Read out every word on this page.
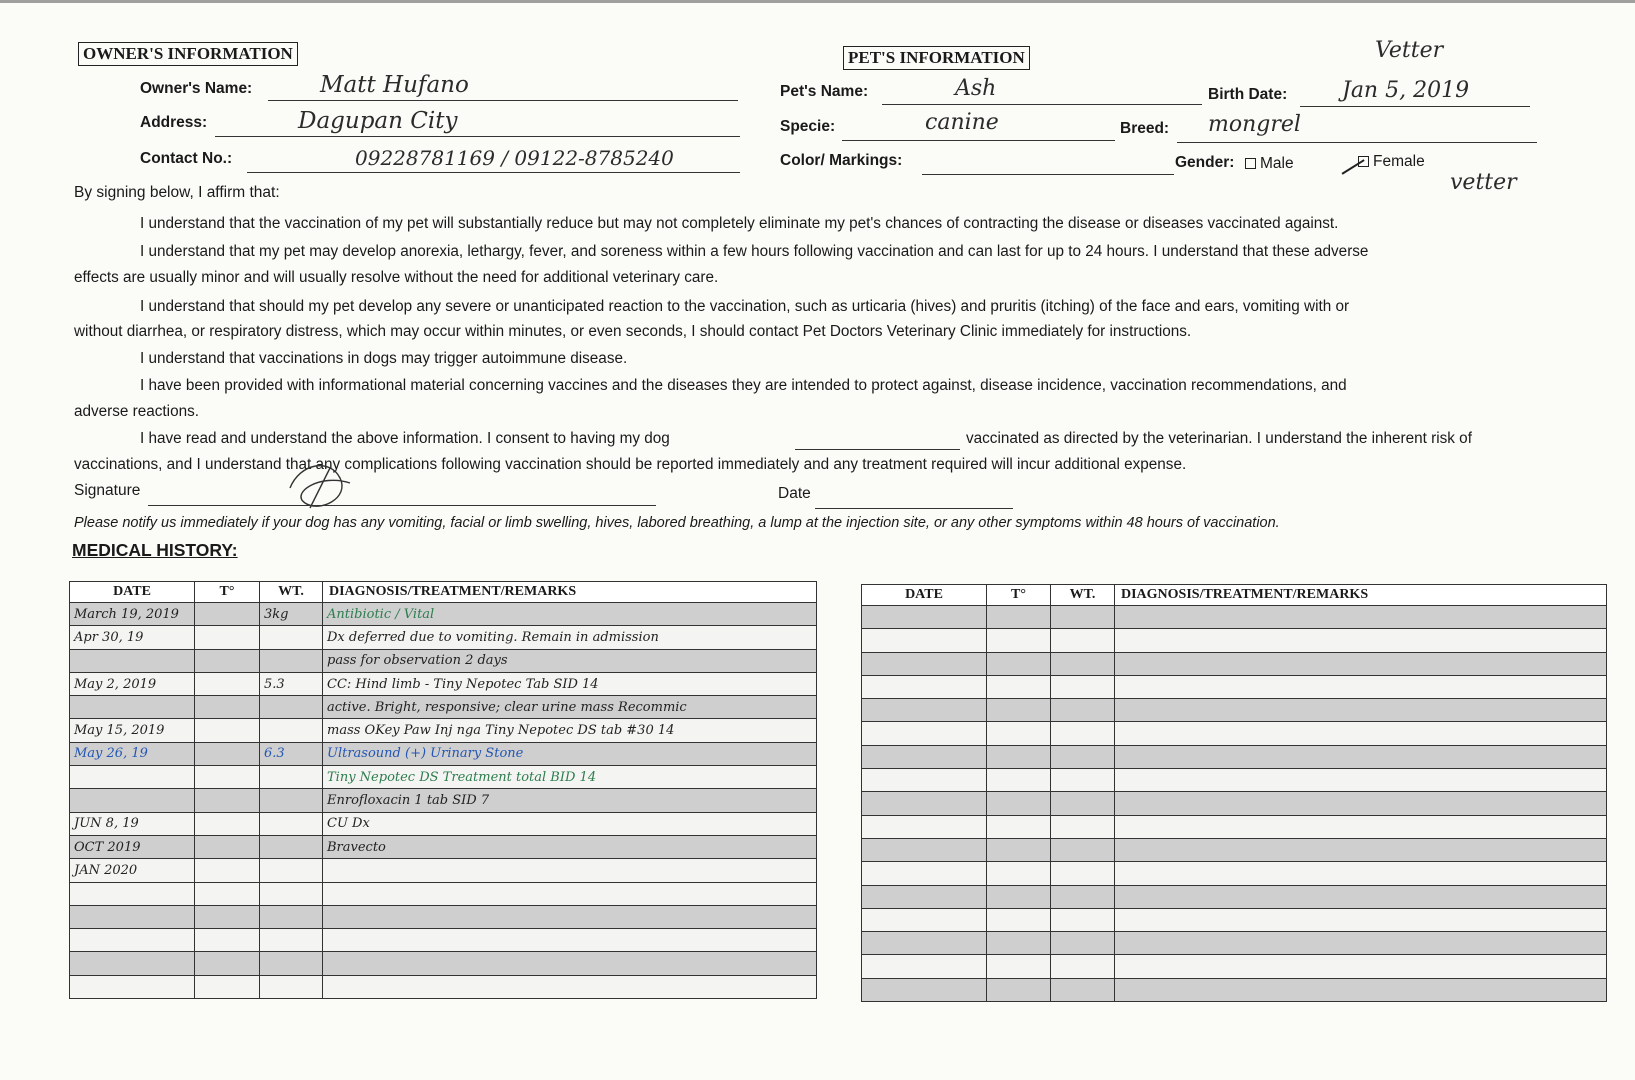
OWNER'S INFORMATION
Owner's Name:	Matt Hufano
Address:	Dagupan City
Contact No.:	09228781169 / 09122-8785240
PET'S INFORMATION	Vetter
Pet's Name:	Ash	Birth Date: Jan 5, 2019
Specie:	canine	Breed: mongrel
Color/ Markings:	Gender:	Male	Female
vetter
By signing below, I affirm that:
I understand that the vaccination of my pet will substantially reduce but may not completely eliminate my pet's chances of contracting the disease or diseases vaccinated against.
I understand that my pet may develop anorexia, lethargy, fever, and soreness within a few hours following vaccination and can last for up to 24 hours. I understand that these adverse
effects are usually minor and will usually resolve without the need for additional veterinary care.
I understand that should my pet develop any severe or unanticipated reaction to the vaccination, such as urticaria (hives) and pruritis (itching) of the face and ears, vomiting with or
without diarrhea, or respiratory distress, which may occur within minutes, or even seconds, I should contact Pet Doctors Veterinary Clinic immediately for instructions.
I understand that vaccinations in dogs may trigger autoimmune disease.
I have been provided with informational material concerning vaccines and the diseases they are intended to protect against, disease incidence, vaccination recommendations, and
adverse reactions.
I have read and understand the above information. I consent to having my dog	vaccinated as directed by the veterinarian. I understand the inherent risk of
vaccinations, and I understand that any complications following vaccination should be reported immediately and any treatment required will incur additional expense.
Signature	Date
Please notify us immediately if your dog has any vomiting, facial or limb swelling, hives, labored breathing, a lump at the injection site, or any other symptoms within 48 hours of vaccination.
MEDICAL HISTORY:
DATE	T°	WT.	DIAGNOSIS/TREATMENT/REMARKS
March 19, 2019		3kg	Antibiotic / Vital
Apr 30, 19			Dx deferred due to vomiting. Remain in admission
			pass for observation 2 days
May 2, 2019		5.3	CC: Hind limb - Tiny Nepotec Tab SID 14
			active. Bright, responsive; clear urine mass Recommic
May 15, 2019			mass OKey Paw Inj nga Tiny Nepotec DS tab #30 14
May 26, 19		6.3	Ultrasound (+) Urinary Stone
			Tiny Nepotec DS Treatment total BID 14
			Enrofloxacin 1 tab SID 7
JUN 8, 19			CU Dx
OCT 2019			Bravecto
JAN 2020			

DATE	T°	WT.	DIAGNOSIS/TREATMENT/REMARKS
